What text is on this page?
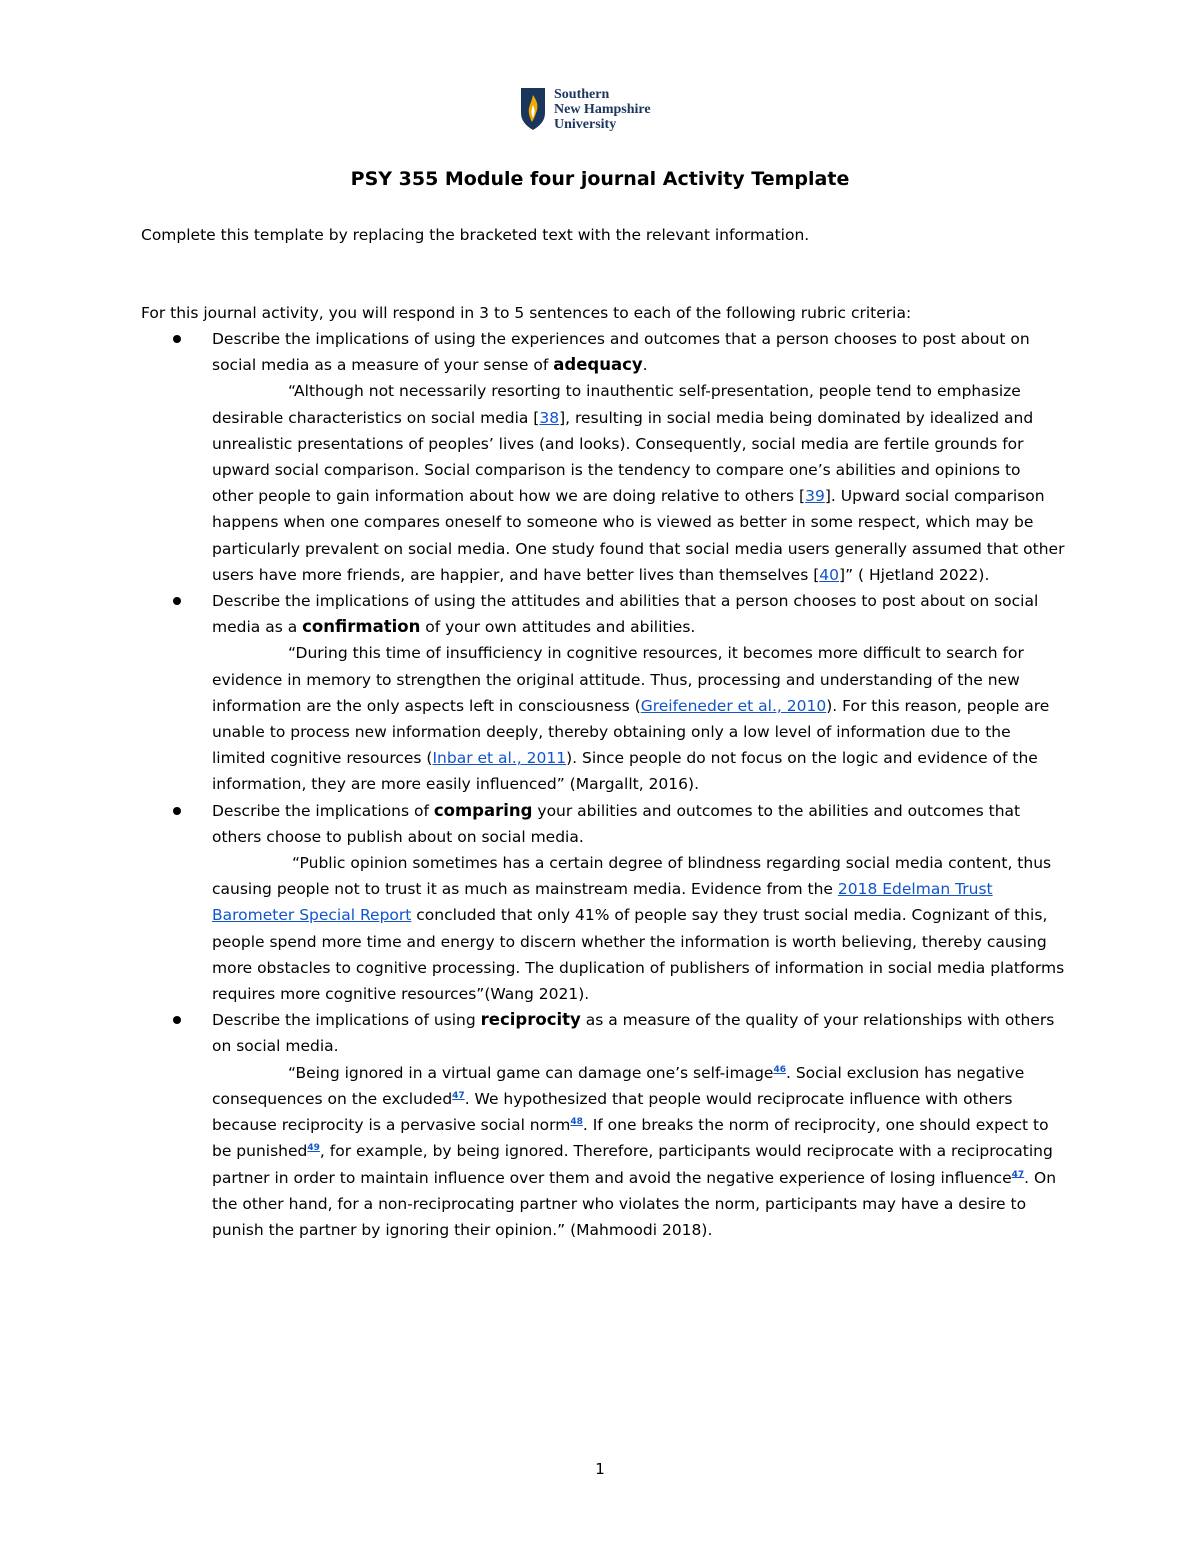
Southern
New Hampshire
University
PSY 355 Module four journal Activity Template
Complete this template by replacing the bracketed text with the relevant information.
For this journal activity, you will respond in 3 to 5 sentences to each of the following rubric criteria:

Describe the implications of using the experiences and outcomes that a person chooses to post about on social media as a measure of your sense of adequacy.

“Although not necessarily resorting to inauthentic self-presentation, people tend to emphasize desirable characteristics on social media [38], resulting in social media being dominated by idealized and unrealistic presentations of peoples’ lives (and looks). Consequently, social media are fertile grounds for upward social comparison. Social comparison is the tendency to compare one’s abilities and opinions to other people to gain information about how we are doing relative to others [39]. Upward social comparison happens when one compares oneself to someone who is viewed as better in some respect, which may be particularly prevalent on social media. One study found that social media users generally assumed that other users have more friends, are happier, and have better lives than themselves [40]” ( Hjetland 2022).

Describe the implications of using the attitudes and abilities that a person chooses to post about on social media as a confirmation of your own attitudes and abilities.

“During this time of insufficiency in cognitive resources, it becomes more difficult to search for evidence in memory to strengthen the original attitude. Thus, processing and understanding of the new information are the only aspects left in consciousness (Greifeneder et al., 2010). For this reason, people are unable to process new information deeply, thereby obtaining only a low level of information due to the limited cognitive resources (Inbar et al., 2011). Since people do not focus on the logic and evidence of the information, they are more easily influenced” (Margallt, 2016).

Describe the implications of comparing your abilities and outcomes to the abilities and outcomes that others choose to publish about on social media.

“Public opinion sometimes has a certain degree of blindness regarding social media content, thus causing people not to trust it as much as mainstream media. Evidence from the 2018 Edelman Trust Barometer Special Report concluded that only 41% of people say they trust social media. Cognizant of this, people spend more time and energy to discern whether the information is worth believing, thereby causing more obstacles to cognitive processing. The duplication of publishers of information in social media platforms requires more cognitive resources”(Wang 2021).

Describe the implications of using reciprocity as a measure of the quality of your relationships with others on social media.

“Being ignored in a virtual game can damage one’s self-image$^{46}$. Social exclusion has negative consequences on the excluded$^{47}$. We hypothesized that people would reciprocate influence with others because reciprocity is a pervasive social norm$^{48}$. If one breaks the norm of reciprocity, one should expect to be punished$^{49}$, for example, by being ignored. Therefore, participants would reciprocate with a reciprocating partner in order to maintain influence over them and avoid the negative experience of losing influence$^{47}$. On the other hand, for a non-reciprocating partner who violates the norm, participants may have a desire to punish the partner by ignoring their opinion.” (Mahmoodi 2018).

1
